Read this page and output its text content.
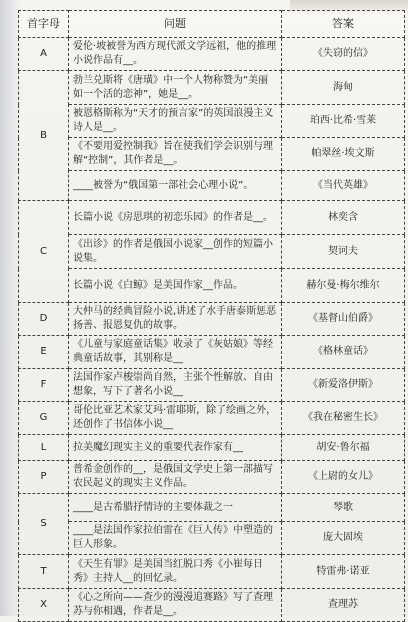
首字母	问题	答案
A	爱伦·坡被誉为西方现代派文学远祖，他的推理小说作品有__。	《失窃的信》
B	勃兰兑斯将《唐璜》中一个人物称赞为“美丽如一个活的恋神”，她是__。	海甸
	被恩格斯称为“天才的预言家”的英国浪漫主义诗人是__。	珀西·比希·雪莱
	《不要用爱控制我》旨在使我们学会识别与理解“控制”，其作者是__。	帕翠丝·埃文斯
	____被誉为“俄国第一部社会心理小说”。	《当代英雄》
C	长篇小说《房思琪的初恋乐园》的作者是__。	林奕含
	《出诊》的作者是俄国小说家__创作的短篇小说集。	契诃夫
	长篇小说《白鲸》是美国作家__作品。	赫尔曼·梅尔维尔
D	大仲马的经典冒险小说,讲述了水手唐泰斯惩恶扬善、报恩复仇的故事。	《基督山伯爵》
E	《儿童与家庭童话集》收录了《灰姑娘》等经典童话故事，其别称是__	《格林童话》
F	法国作家卢梭崇尚自然，主张个性解放、自由想象，写下了著名小说__	《新爱洛伊斯》
G	哥伦比亚艺术家艾玛·雷耶斯，除了绘画之外，还创作了书信体小说__	《我在秘密生长》
L	拉美魔幻现实主义的重要代表作家有__	胡安·鲁尔福
P	普希金创作的__，是俄国文学史上第一部描写农民起义的现实主义作品。	《上尉的女儿》
S	____是古希腊抒情诗的主要体裁之一	琴歌
	____是法国作家拉伯雷在《巨人传》中塑造的巨人形象。	庞大固埃
T	《天生有罪》是美国当红脱口秀《小崔每日秀》主持人__的回忆录。	特雷弗·诺亚
X	《心之所向——查少的漫漫追赛路》写了查理苏与你相遇，作者是__。	查理苏
